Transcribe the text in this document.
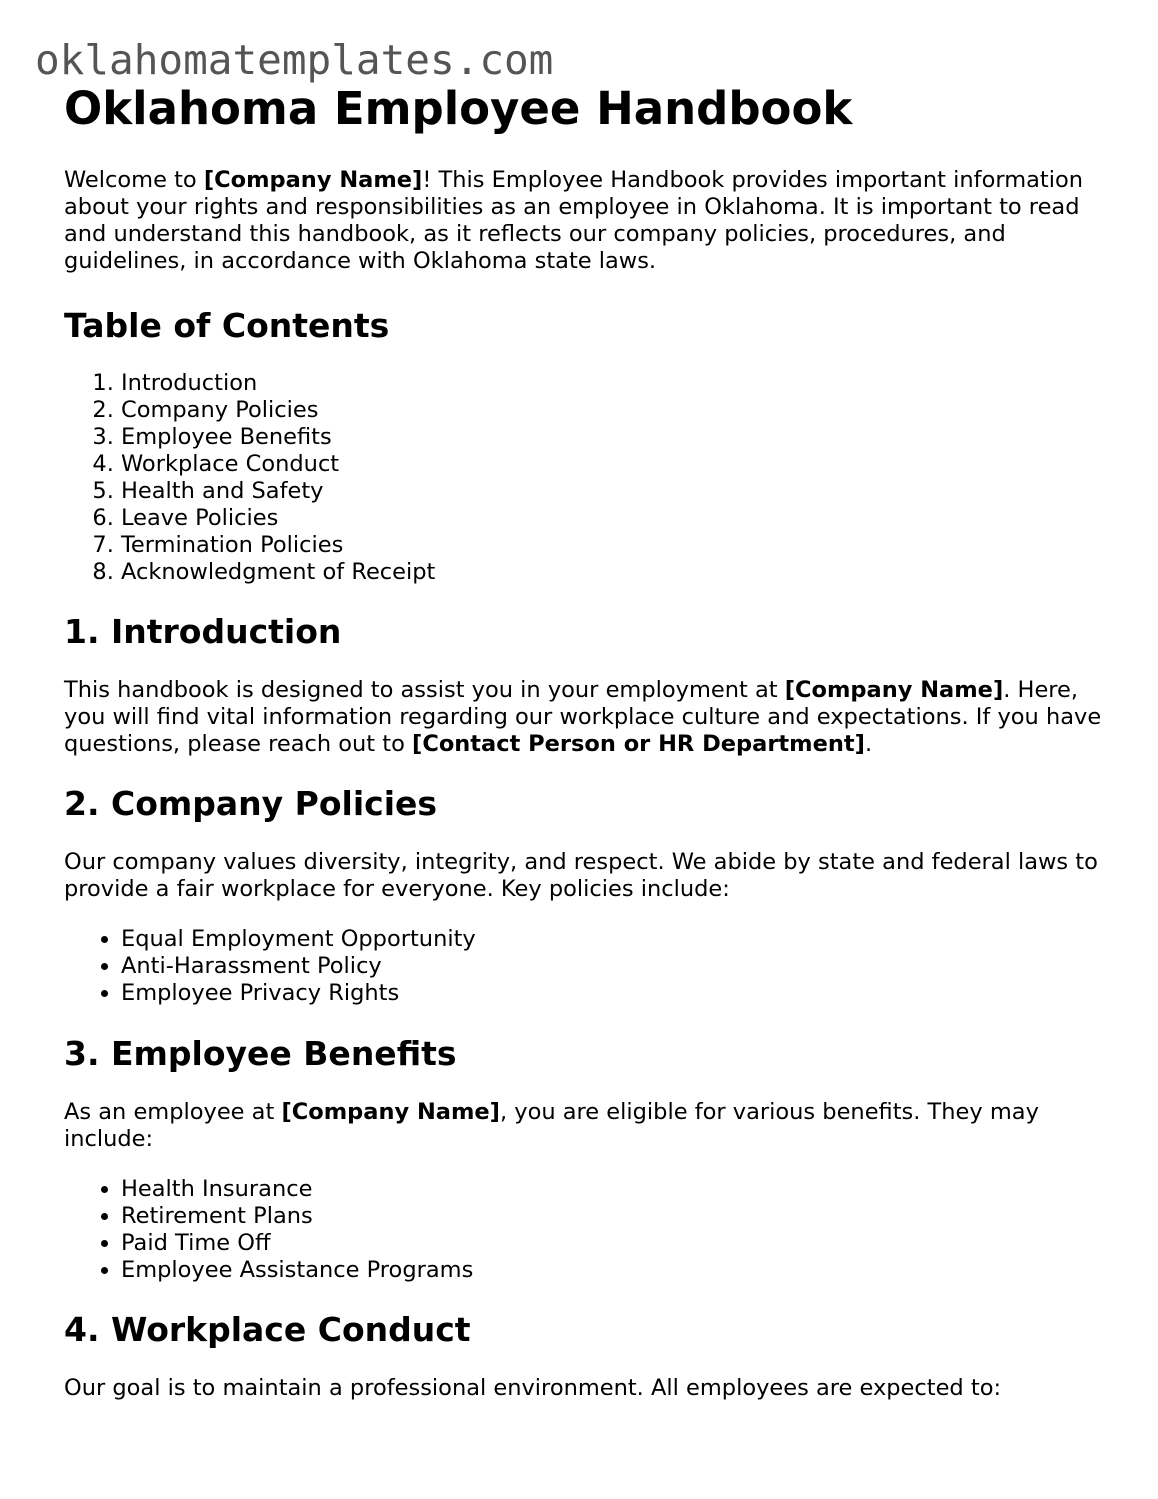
oklahomatemplates.com
Oklahoma Employee Handbook

Welcome to [Company Name]! This Employee Handbook provides important information about your rights and responsibilities as an employee in Oklahoma. It is important to read and understand this handbook, as it reflects our company policies, procedures, and guidelines, in accordance with Oklahoma state laws.

Table of Contents
1. Introduction
2. Company Policies
3. Employee Benefits
4. Workplace Conduct
5. Health and Safety
6. Leave Policies
7. Termination Policies
8. Acknowledgment of Receipt
1. Introduction

This handbook is designed to assist you in your employment at [Company Name]. Here, you will find vital information regarding our workplace culture and expectations. If you have questions, please reach out to [Contact Person or HR Department].

2. Company Policies

Our company values diversity, integrity, and respect. We abide by state and federal laws to provide a fair workplace for everyone. Key policies include:

• Equal Employment Opportunity
• Anti-Harassment Policy
• Employee Privacy Rights
3. Employee Benefits

As an employee at [Company Name], you are eligible for various benefits. They may include:

• Health Insurance
• Retirement Plans
• Paid Time Off
• Employee Assistance Programs
4. Workplace Conduct

Our goal is to maintain a professional environment. All employees are expected to:
